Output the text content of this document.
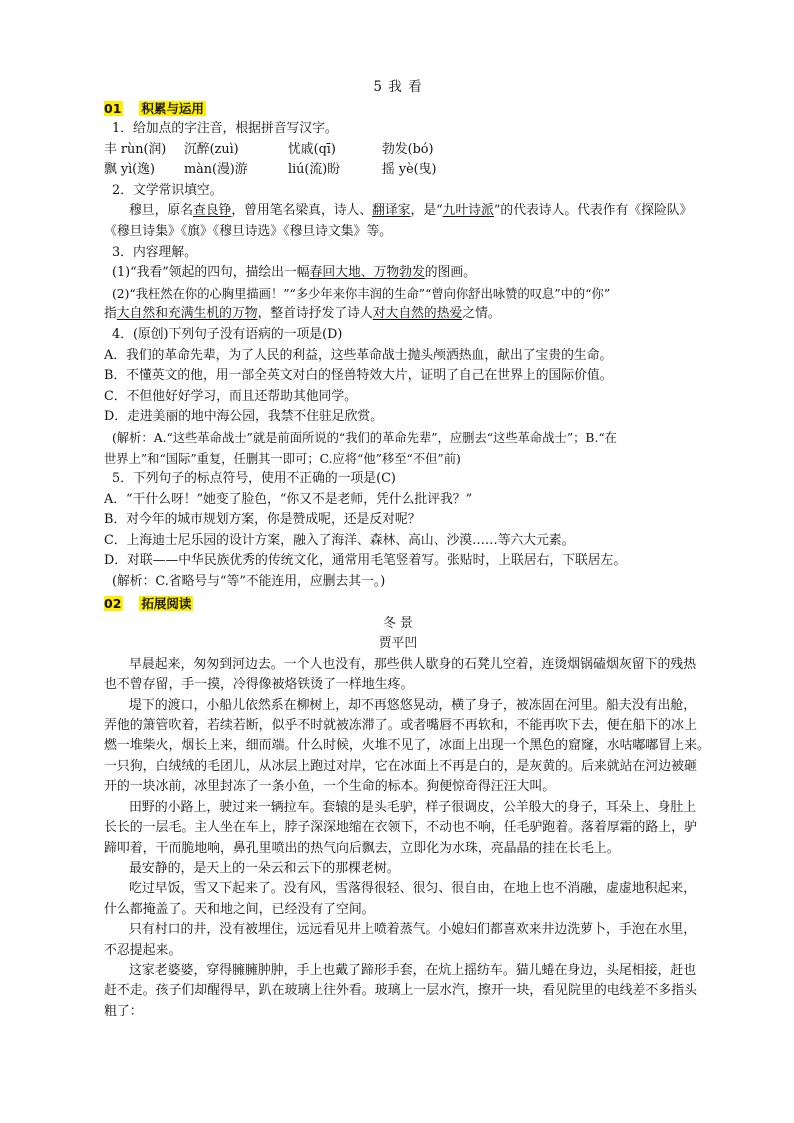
5 我 看
01 积累与运用
1．给加点的字注音，根据拼音写汉字。
丰 rùn(润) 沉醉(zuì)	忧戚(qī)	勃发(bó)
飘 yì(逸) màn(漫)游	liú(流)盼	摇 yè(曳)
2．文学常识填空。
穆旦，原名查良铮，曾用笔名梁真，诗人、翻译家，是“九叶诗派”的代表诗人。代表作有《探险队》
《穆旦诗集》《旗》《穆旦诗选》《穆旦诗文集》等。
3．内容理解。
(1)“我看”领起的四句，描绘出一幅春回大地、万物勃发的图画。
(2)“我枉然在你的心胸里描画！”“多少年来你丰润的生命”“曾向你舒出咏赞的叹息”中的“你”
指大自然和充满生机的万物，整首诗抒发了诗人对大自然的热爱之情。
4．(原创)下列句子没有语病的一项是(D)
A．我们的革命先辈，为了人民的利益，这些革命战士抛头颅洒热血，献出了宝贵的生命。
B．不懂英文的他，用一部全英文对白的怪兽特效大片，证明了自己在世界上的国际价值。
C．不但他好好学习，而且还帮助其他同学。
D．走进美丽的地中海公园，我禁不住驻足欣赏。
(解析：A.“这些革命战士”就是前面所说的“我们的革命先辈”，应删去“这些革命战士”；B.“在
世界上”和“国际”重复，任删其一即可；C.应将“他”移至“不但”前)
5．下列句子的标点符号，使用不正确的一项是(C)
A．“干什么呀！”她变了脸色，“你又不是老师，凭什么批评我？”
B．对今年的城市规划方案，你是赞成呢，还是反对呢？
C．上海迪士尼乐园的设计方案，融入了海洋、森林、高山、沙漠……等六大元素。
D．对联——中华民族优秀的传统文化，通常用毛笔竖着写。张贴时，上联居右，下联居左。
(解析：C.省略号与“等”不能连用，应删去其一。)
02 拓展阅读
冬 景
贾平凹
早晨起来，匆匆到河边去。一个人也没有，那些供人歇身的石凳儿空着，连烫烟锅磕烟灰留下的残热
也不曾存留，手一摸，冷得像被烙铁烫了一样地生疼。
堤下的渡口，小船儿依然系在柳树上，却不再悠悠晃动，横了身子，被冻固在河里。船夫没有出舱，
弄他的箫管吹着，若续若断，似乎不时就被冻滞了。或者嘴唇不再软和，不能再吹下去，便在船下的冰上
燃一堆柴火，烟长上来，细而端。什么时候，火堆不见了，冰面上出现一个黑色的窟窿，水咕嘟嘟冒上来。
一只狗，白绒绒的毛团儿，从冰层上跑过对岸，它在冰面上不再是白的，是灰黄的。后来就站在河边被砸
开的一块冰前，冰里封冻了一条小鱼，一个生命的标本。狗便惊奇得汪汪大叫。
田野的小路上，驶过来一辆拉车。套辕的是头毛驴，样子很调皮，公羊般大的身子，耳朵上、身肚上
长长的一层毛。主人坐在车上，脖子深深地缩在衣领下，不动也不响，任毛驴跑着。落着厚霜的路上，驴
蹄叩着，干而脆地响，鼻孔里喷出的热气向后飘去，立即化为水珠，亮晶晶的挂在长毛上。
最安静的，是天上的一朵云和云下的那棵老树。
吃过早饭，雪又下起来了。没有风，雪落得很轻、很匀、很自由，在地上也不消融，虚虚地积起来，
什么都掩盖了。天和地之间，已经没有了空间。
只有村口的井，没有被埋住，远远看见井上喷着蒸气。小媳妇们都喜欢来井边洗萝卜，手泡在水里，
不忍提起来。
这家老婆婆，穿得臃臃肿肿，手上也戴了蹄形手套，在炕上摇纺车。猫儿蜷在身边，头尾相接，赶也
赶不走。孩子们却醒得早，趴在玻璃上往外看。玻璃上一层水汽，擦开一块，看见院里的电线差不多指头
粗了：
